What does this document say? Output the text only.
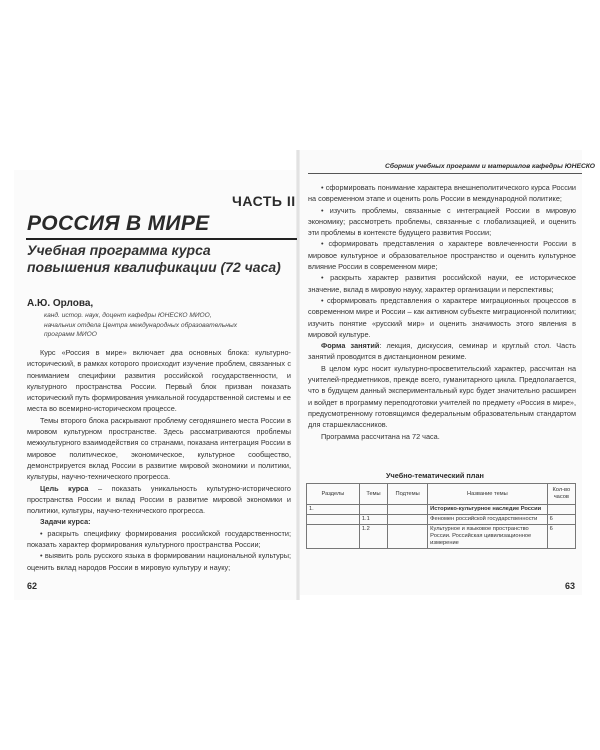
Сборник учебных программ и материалов кафедры ЮНЕСКО
ЧАСТЬ II
РОССИЯ В МИРЕ
Учебная программа курса повышения квалификации (72 часа)
А.Ю. Орлова,
канд. истор. наук, доцент кафедры ЮНЕСКО МИОО,
начальник отдела Центра международных образовательных
программ МИОО

Курс «Россия в мире» включает два основных блока: культурно-исторический, в рамках которого происходит изучение проблем, связанных с пониманием специфики развития российской государственности, и культурного пространства России. Первый блок призван показать исторический путь формирования уникальной государственной системы и ее места во всемирно-историческом процессе.

Темы второго блока раскрывают проблему сегодняшнего места России в мировом культурном пространстве. Здесь рассматриваются проблемы межкультурного взаимодействия со странами, показана интеграция России в мировое политическое, экономическое, культурное сообщество, демонстрируется вклад России в развитие мировой экономики и политики, культуры, научно-технического прогресса.

Цель курса – показать уникальность культурно-исторического пространства России и вклад России в развитие мировой экономики и политики, культуры, научно-технического прогресса.

Задачи курса:

• раскрыть специфику формирования российской государственности; показать характер формирования культурного пространства России;

• выявить роль русского языка в формировании национальной культуры; оценить вклад народов России в мировую культуру и науку;

62

• сформировать понимание характера внешнеполитического курса России на современном этапе и оценить роль России в международной политике;

• изучить проблемы, связанные с интеграцией России в мировую экономику; рассмотреть проблемы, связанные с глобализацией, и оценить эти проблемы в контексте будущего развития России;

• сформировать представления о характере вовлеченности России в мировое культурное и образовательное пространство и оценить культурное влияние России в современном мире;

• раскрыть характер развития российской науки, ее историческое значение, вклад в мировую науку, характер организации и перспективы;

• сформировать представления о характере миграционных процессов в современном мире и России – как активном субъекте миграционной политики; изучить понятие «русский мир» и оценить значимость этого явления в мировой культуре.

Форма занятий: лекция, дискуссия, семинар и круглый стол. Часть занятий проводится в дистанционном режиме.

В целом курс носит культурно-просветительский характер, рассчитан на учителей-предметников, прежде всего, гуманитарного цикла. Предполагается, что в будущем данный экспериментальный курс будет значительно расширен и войдет в программу переподготовки учителей по предмету «Россия в мире», предусмотренному готовящимся федеральным образовательным стандартом для старшеклассников.

Программа рассчитана на 72 часа.

Учебно-тематический план
Разделы	Темы	Подтемы	Название темы	Кол-во часов
1.			Историко-культурное наследие России	
	1.1		Феномен российской государственности	6
	1.2		Культурное и языковое пространство России. Российская цивилизационное измерение	6
63
